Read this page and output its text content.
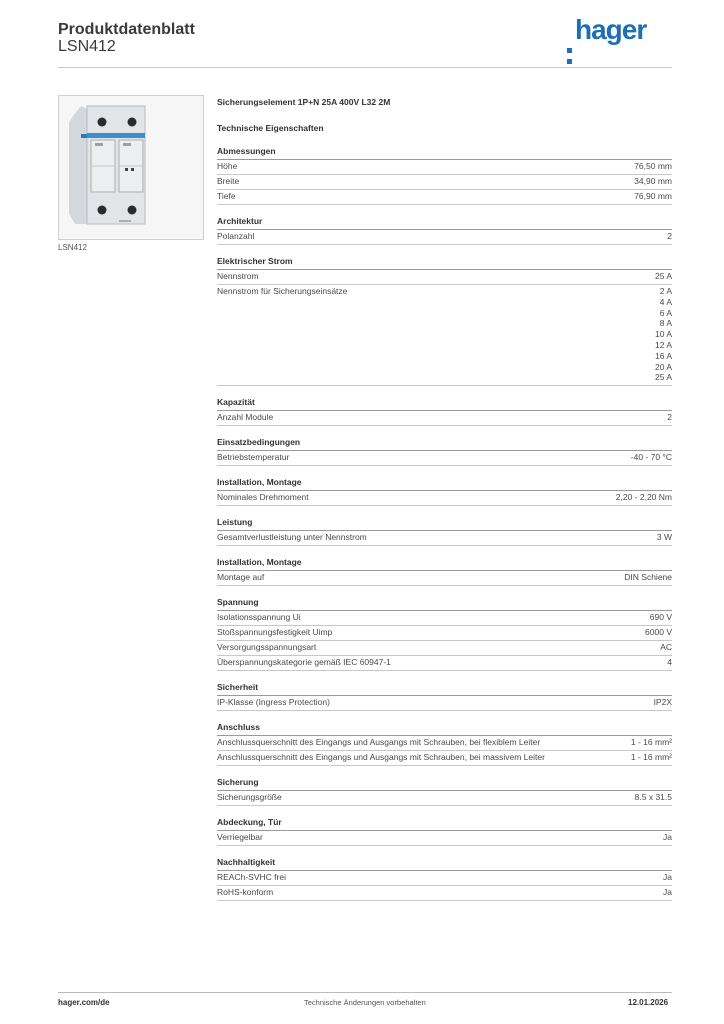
Produktdatenblatt
LSN412
hager
LSN412
Sicherungselement 1P+N 25A 400V L32 2M
Technische Eigenschaften
Abmessungen
Höhe	76,50 mm
Breite	34,90 mm
Tiefe	76,90 mm
Architektur
Polanzahl	2
Elektrischer Strom
Nennstrom	25 A
Nennstrom für Sicherungseinsätze	2 A
4 A
6 A
8 A
10 A
12 A
16 A
20 A
25 A
Kapazität
Anzahl Module	2
Einsatzbedingungen
Betriebstemperatur	-40 - 70 °C
Installation, Montage
Nominales Drehmoment	2,20 - 2,20 Nm
Leistung
Gesamtverlustleistung unter Nennstrom	3 W
Installation, Montage
Montage auf	DIN Schiene
Spannung
Isolationsspannung Ui	690 V
Stoßspannungsfestigkeit Uimp	6000 V
Versorgungsspannungsart	AC
Überspannungskategorie gemäß IEC 60947-1	4
Sicherheit
IP-Klasse (Ingress Protection)	IP2X
Anschluss
Anschlussquerschnitt des Eingangs und Ausgangs mit Schrauben, bei flexiblem Leiter	1 - 16 mm²
Anschlussquerschnitt des Eingangs und Ausgangs mit Schrauben, bei massivem Leiter	1 - 16 mm²
Sicherung
Sicherungsgröße	8.5 x 31.5
Abdeckung, Tür
Verriegelbar	Ja
Nachhaltigkeit
REACh-SVHC frei	Ja
RoHS-konform	Ja
hager.com/de	Technische Änderungen vorbehalten	12.01.2026
